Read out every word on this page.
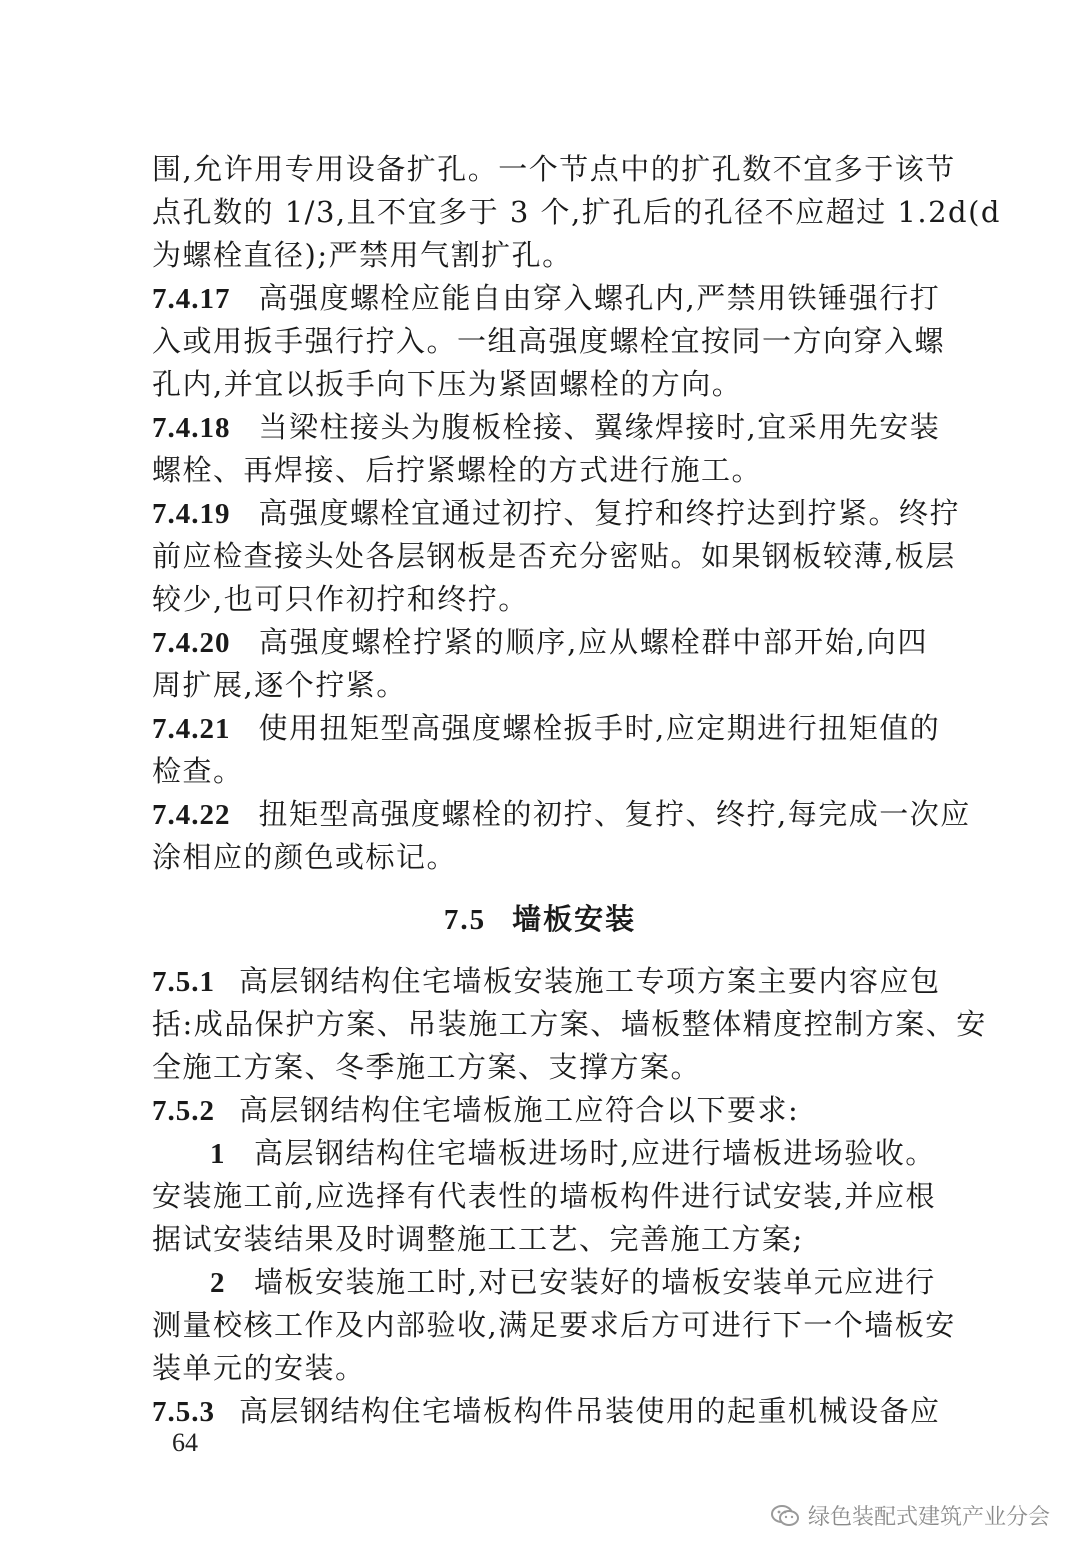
围,允许用专用设备扩孔。一个节点中的扩孔数不宜多于该节
点孔数的 1/3,且不宜多于 3 个,扩孔后的孔径不应超过 1.2d(d
为螺栓直径);严禁用气割扩孔。
7.4.17 高强度螺栓应能自由穿入螺孔内,严禁用铁锤强行打
入或用扳手强行拧入。一组高强度螺栓宜按同一方向穿入螺
孔内,并宜以扳手向下压为紧固螺栓的方向。
7.4.18 当梁柱接头为腹板栓接、翼缘焊接时,宜采用先安装
螺栓、再焊接、后拧紧螺栓的方式进行施工。
7.4.19 高强度螺栓宜通过初拧、复拧和终拧达到拧紧。终拧
前应检查接头处各层钢板是否充分密贴。如果钢板较薄,板层
较少,也可只作初拧和终拧。
7.4.20 高强度螺栓拧紧的顺序,应从螺栓群中部开始,向四
周扩展,逐个拧紧。
7.4.21 使用扭矩型高强度螺栓扳手时,应定期进行扭矩值的
检查。
7.4.22 扭矩型高强度螺栓的初拧、复拧、终拧,每完成一次应
涂相应的颜色或标记。
7.5 墙板安装
7.5.1 高层钢结构住宅墙板安装施工专项方案主要内容应包
括:成品保护方案、吊装施工方案、墙板整体精度控制方案、安
全施工方案、冬季施工方案、支撑方案。
7.5.2 高层钢结构住宅墙板施工应符合以下要求:
1 高层钢结构住宅墙板进场时,应进行墙板进场验收。
安装施工前,应选择有代表性的墙板构件进行试安装,并应根
据试安装结果及时调整施工工艺、完善施工方案;
2 墙板安装施工时,对已安装好的墙板安装单元应进行
测量校核工作及内部验收,满足要求后方可进行下一个墙板安
装单元的安装。
7.5.3 高层钢结构住宅墙板构件吊装使用的起重机械设备应
64
绿色装配式建筑产业分会
